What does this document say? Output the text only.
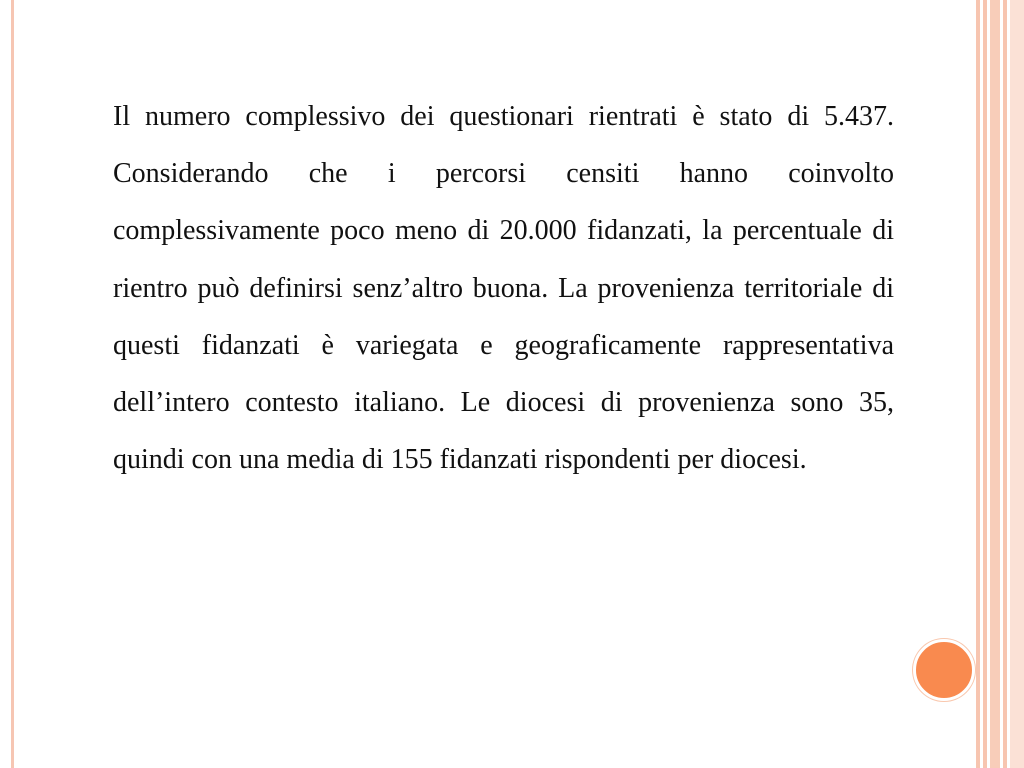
Il numero complessivo dei questionari rientrati è stato di 5.437. Considerando che i percorsi censiti hanno coinvolto complessivamente poco meno di 20.000 fidanzati, la percentuale di rientro può definirsi senz’altro buona. La provenienza territoriale di questi fidanzati è variegata e geograficamente rappresentativa dell’intero contesto italiano. Le diocesi di provenienza sono 35, quindi con una media di 155 fidanzati rispondenti per diocesi.
